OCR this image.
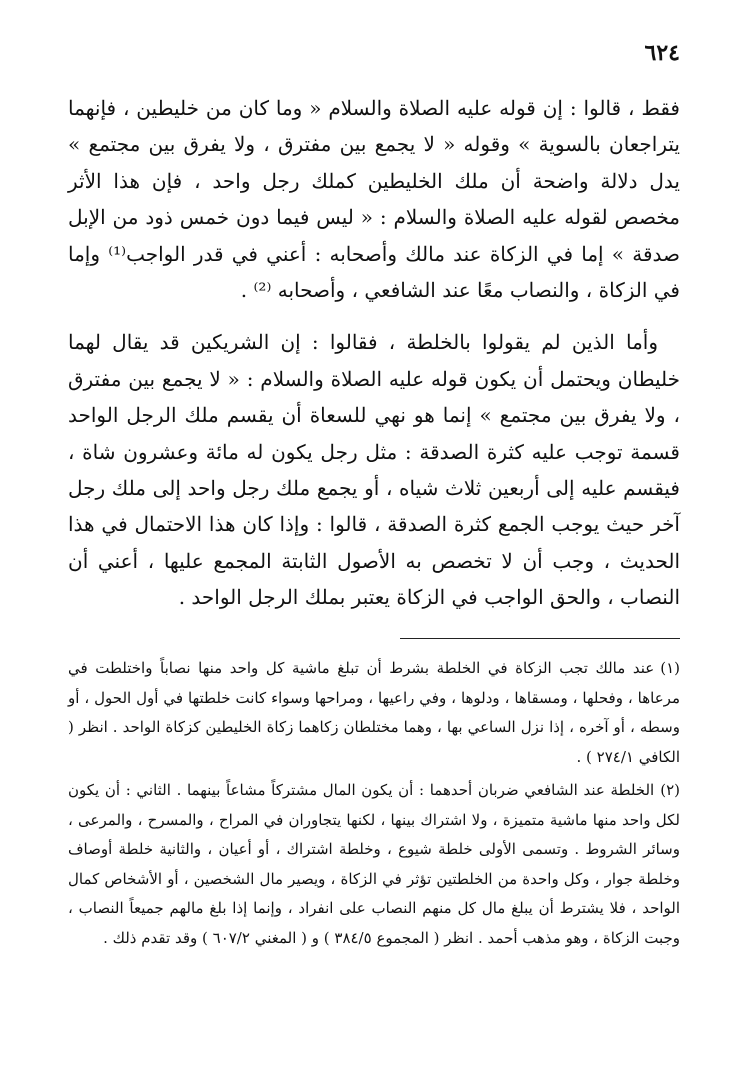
٦٢٤

فقط ، قالوا : إن قوله عليه الصلاة والسلام « وما كان من خليطين ، فإنهما يتراجعان بالسوية » وقوله « لا يجمع بين مفترق ، ولا يفرق بين مجتمع » يدل دلالة واضحة أن ملك الخليطين كملك رجل واحد ، فإن هذا الأثر مخصص لقوله عليه الصلاة والسلام : « ليس فيما دون خمس ذود من الإبل صدقة » إما في الزكاة عند مالك وأصحابه : أعني في قدر الواجب⁽¹⁾ وإما في الزكاة ، والنصاب معًا عند الشافعي ، وأصحابه ⁽²⁾ .

وأما الذين لم يقولوا بالخلطة ، فقالوا : إن الشريكين قد يقال لهما خليطان ويحتمل أن يكون قوله عليه الصلاة والسلام : « لا يجمع بين مفترق ، ولا يفرق بين مجتمع » إنما هو نهي للسعاة أن يقسم ملك الرجل الواحد قسمة توجب عليه كثرة الصدقة : مثل رجل يكون له مائة وعشرون شاة ، فيقسم عليه إلى أربعين ثلاث شياه ، أو يجمع ملك رجل واحد إلى ملك رجل آخر حيث يوجب الجمع كثرة الصدقة ، قالوا : وإذا كان هذا الاحتمال في هذا الحديث ، وجب أن لا تخصص به الأصول الثابتة المجمع عليها ، أعني أن النصاب ، والحق الواجب في الزكاة يعتبر بملك الرجل الواحد .

(١)عند مالك تجب الزكاة في الخلطة بشرط أن تبلغ ماشية كل واحد منها نصاباً واختلطت في مرعاها ، وفحلها ، ومسقاها ، ودلوها ، وفي راعيها ، ومراحها وسواء كانت خلطتها في أول الحول ، أو وسطه ، أو آخره ، إذا نزل الساعي بها ، وهما مختلطان زكاهما زكاة الخليطين كزكاة الواحد . انظر ( الكافي ٢٧٤/١ ) .

(٢)الخلطة عند الشافعي ضربان أحدهما : أن يكون المال مشتركاً مشاعاً بينهما . الثاني : أن يكون لكل واحد منها ماشية متميزة ، ولا اشتراك بينها ، لكنها يتجاوران في المراح ، والمسرح ، والمرعى ، وسائر الشروط . وتسمى الأولى خلطة شيوع ، وخلطة اشتراك ، أو أعيان ، والثانية خلطة أوصاف وخلطة جوار ، وكل واحدة من الخلطتين تؤثر في الزكاة ، ويصير مال الشخصين ، أو الأشخاص كمال الواحد ، فلا يشترط أن يبلغ مال كل منهم النصاب على انفراد ، وإنما إذا بلغ مالهم جميعاً النصاب ، وجبت الزكاة ، وهو مذهب أحمد . انظر ( المجموع ٣٨٤/٥ ) و ( المغني ٦٠٧/٢ ) وقد تقدم ذلك .
